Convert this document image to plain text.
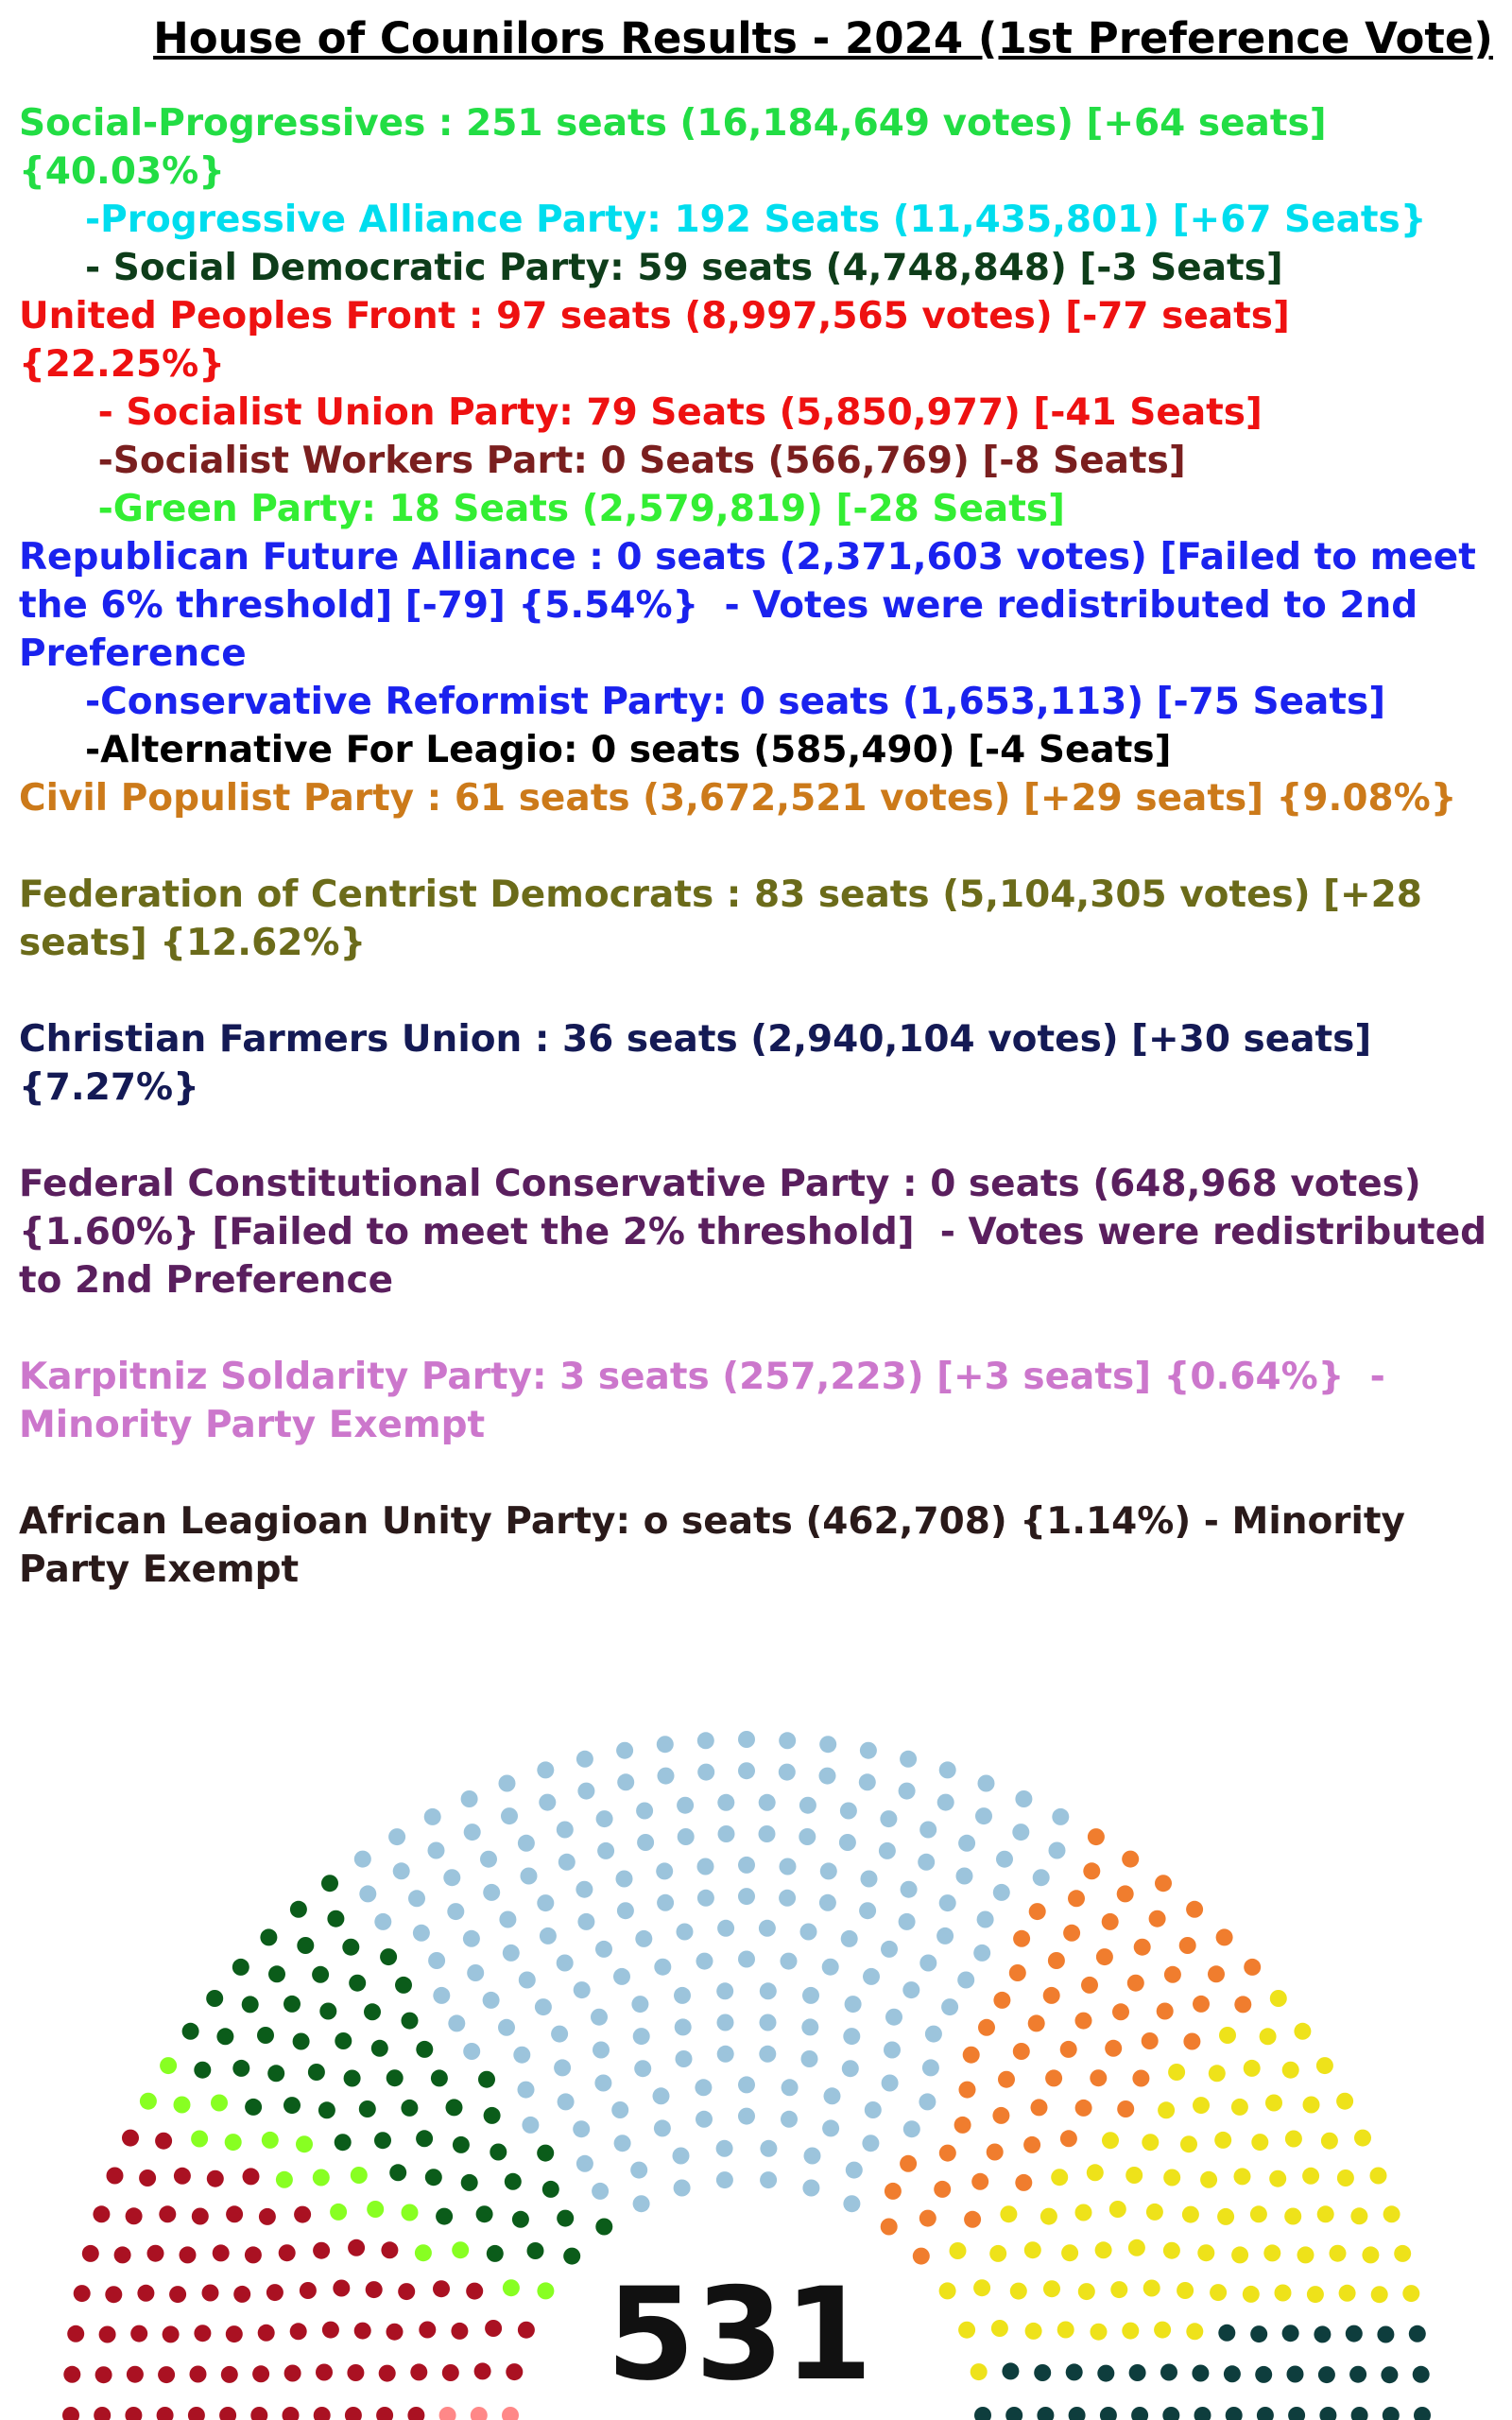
House of Counilors Results - 2024 (1st Preference Vote)
Social-Progressives : 251 seats (16,184,649 votes) [+64 seats] {40.03%}
-Progressive Alliance Party: 192 Seats (11,435,801) [+67 Seats}
- Social Democratic Party: 59 seats (4,748,848) [-3 Seats]
United Peoples Front : 97 seats (8,997,565 votes) [-77 seats] {22.25%}
- Socialist Union Party: 79 Seats (5,850,977) [-41 Seats]
-Socialist Workers Part: 0 Seats (566,769) [-8 Seats]
-Green Party: 18 Seats (2,579,819) [-28 Seats]
Republican Future Alliance : 0 seats (2,371,603 votes) [Failed to meet the 6% threshold] [-79] {5.54%}  - Votes were redistributed to 2nd Preference
-Conservative Reformist Party: 0 seats (1,653,113) [-75 Seats]
-Alternative For Leagio: 0 seats (585,490) [-4 Seats]
Civil Populist Party : 61 seats (3,672,521 votes) [+29 seats] {9.08%}
Federation of Centrist Democrats : 83 seats (5,104,305 votes) [+28 seats] {12.62%}
Christian Farmers Union : 36 seats (2,940,104 votes) [+30 seats] {7.27%}
Federal Constitutional Conservative Party : 0 seats (648,968 votes) {1.60%} [Failed to meet the 2% threshold]  - Votes were redistributed to 2nd Preference
Karpitniz Soldarity Party: 3 seats (257,223) [+3 seats] {0.64%}  - Minority Party Exempt
African Leagioan Unity Party: o seats (462,708) {1.14%) - Minority Party Exempt
531
